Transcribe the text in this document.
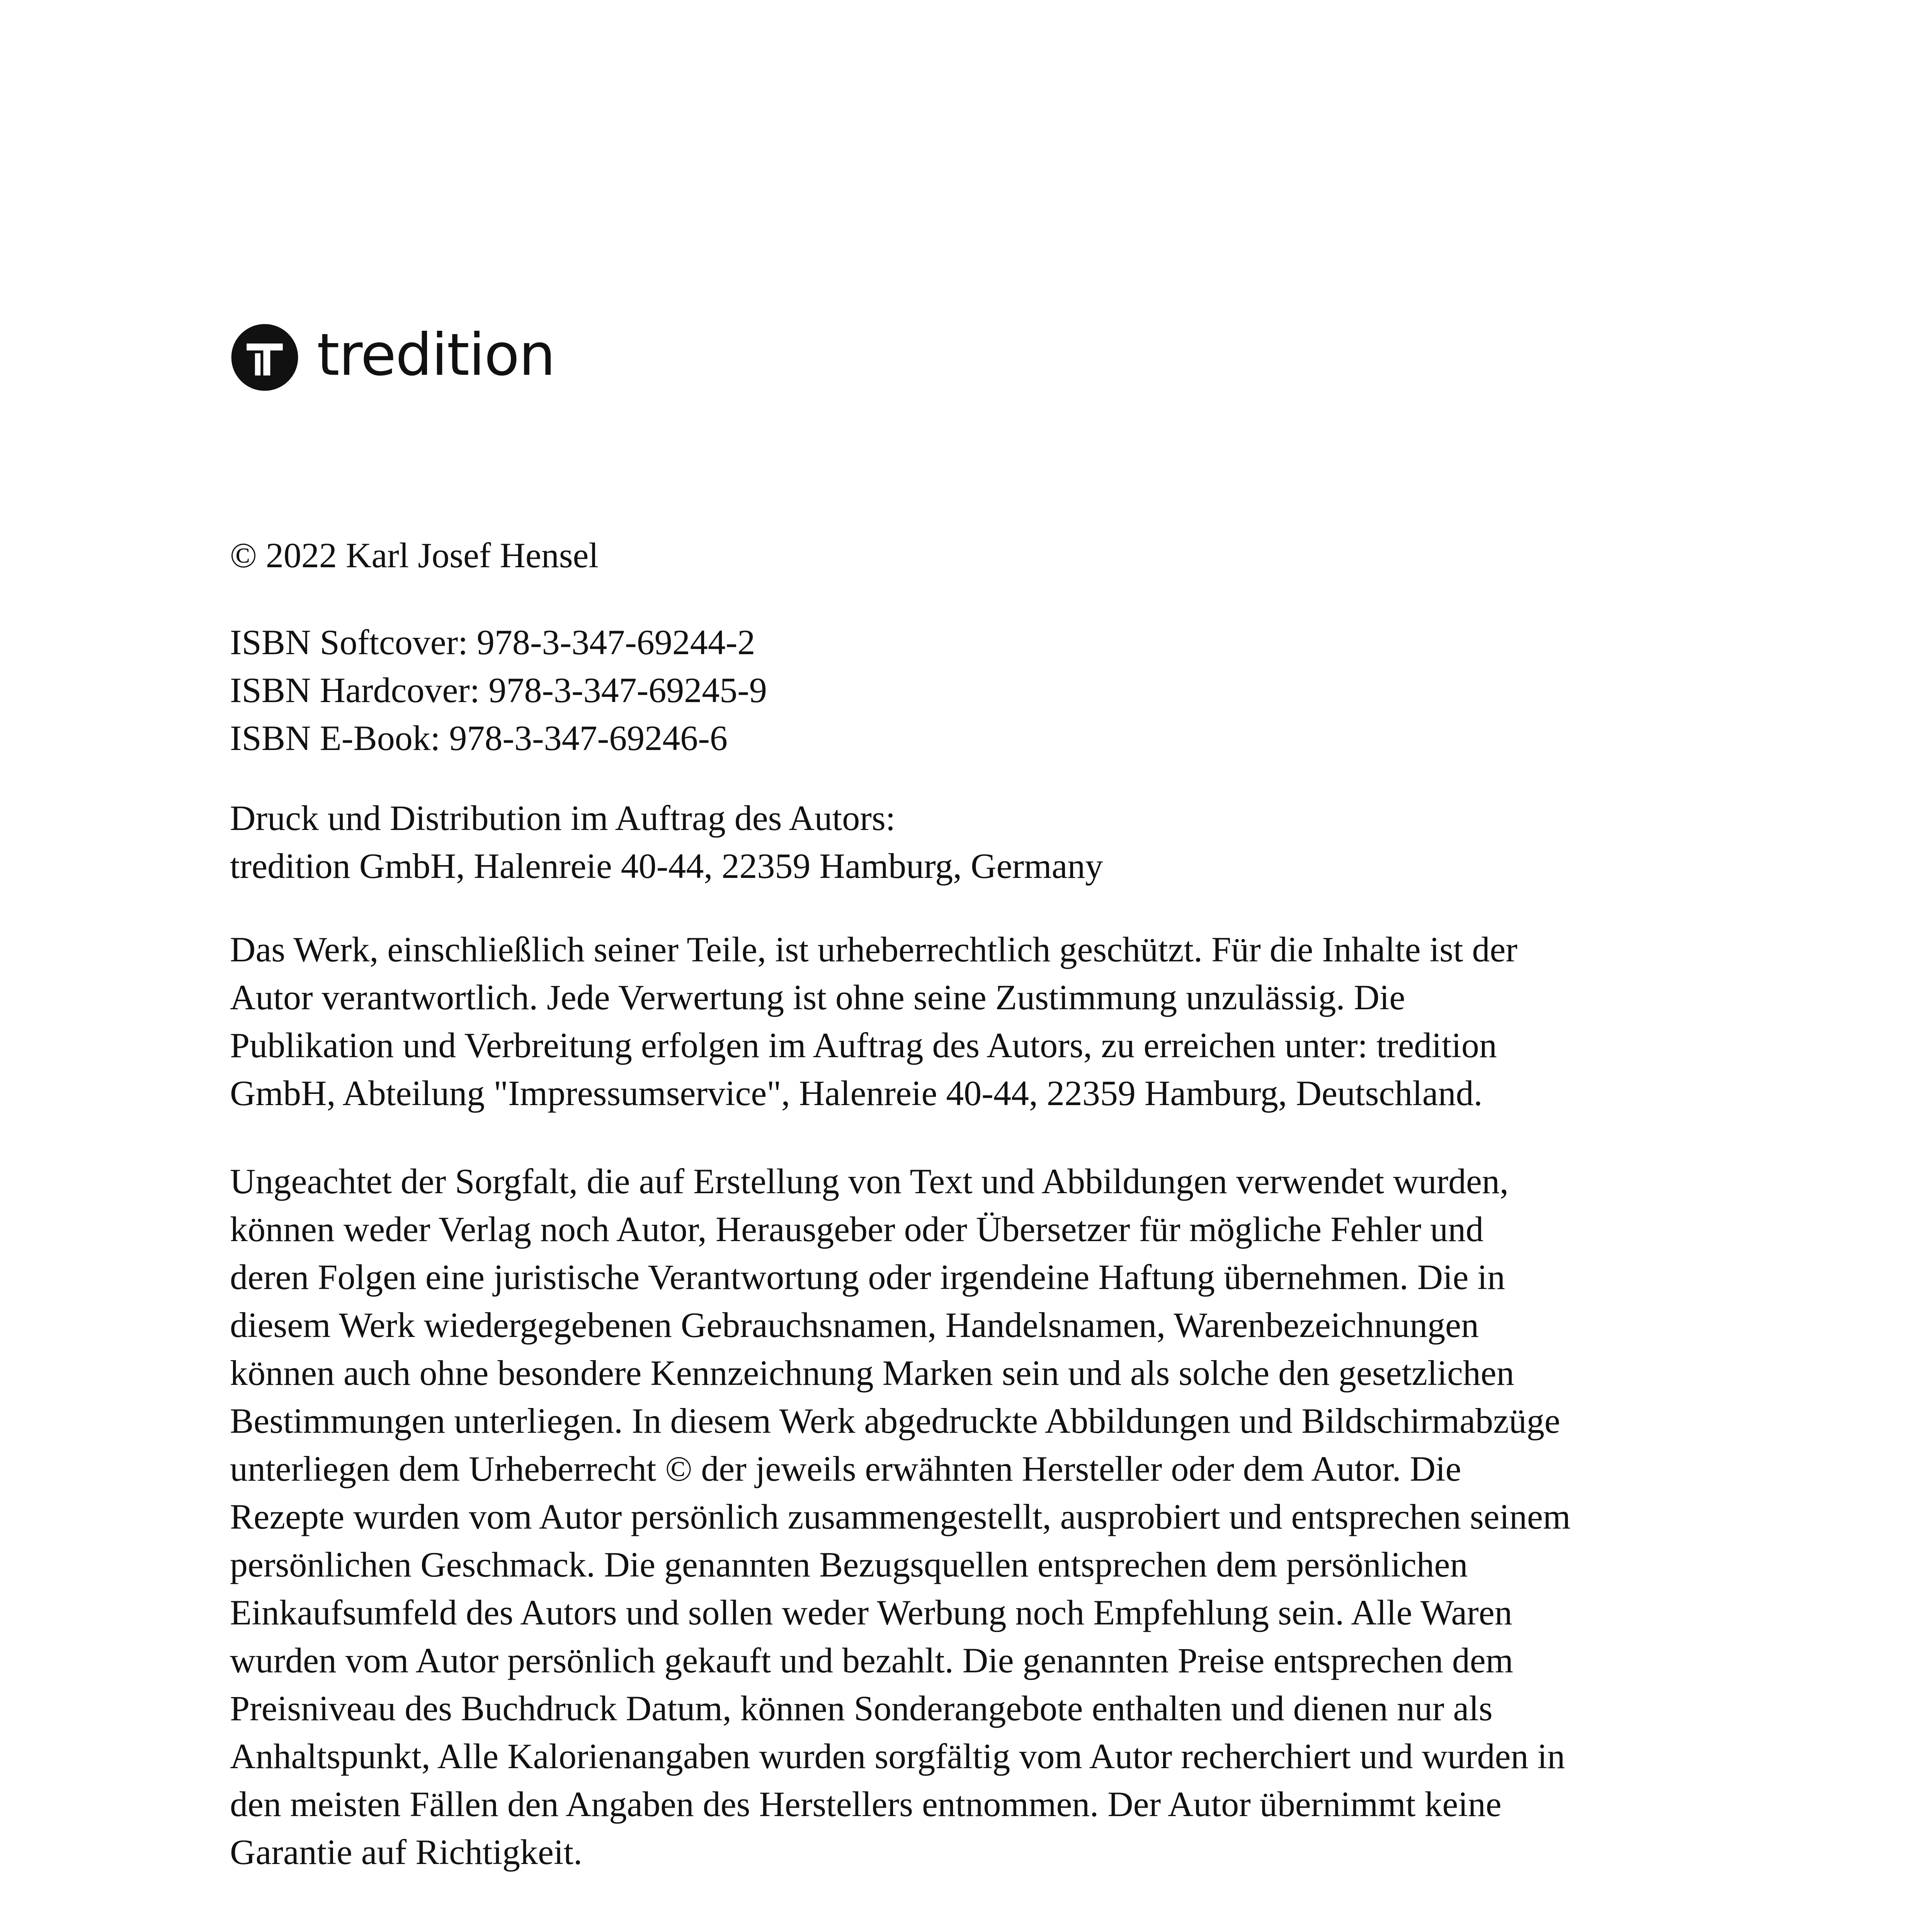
tredition

© 2022 Karl Josef Hensel

ISBN Softcover: 978-3-347-69244-2
ISBN Hardcover: 978-3-347-69245-9
ISBN E-Book: 978-3-347-69246-6

Druck und Distribution im Auftrag des Autors:
tredition GmbH, Halenreie 40-44, 22359 Hamburg, Germany

Das Werk, einschließlich seiner Teile, ist urheberrechtlich geschützt. Für die Inhalte ist der
Autor verantwortlich. Jede Verwertung ist ohne seine Zustimmung unzulässig. Die
Publikation und Verbreitung erfolgen im Auftrag des Autors, zu erreichen unter: tredition
GmbH, Abteilung "Impressumservice", Halenreie 40-44, 22359 Hamburg, Deutschland.

Ungeachtet der Sorgfalt, die auf Erstellung von Text und Abbildungen verwendet wurden,
können weder Verlag noch Autor, Herausgeber oder Übersetzer für mögliche Fehler und
deren Folgen eine juristische Verantwortung oder irgendeine Haftung übernehmen. Die in
diesem Werk wiedergegebenen Gebrauchsnamen, Handelsnamen, Warenbezeichnungen
können auch ohne besondere Kennzeichnung Marken sein und als solche den gesetzlichen
Bestimmungen unterliegen. In diesem Werk abgedruckte Abbildungen und Bildschirmabzüge
unterliegen dem Urheberrecht © der jeweils erwähnten Hersteller oder dem Autor. Die
Rezepte wurden vom Autor persönlich zusammengestellt, ausprobiert und entsprechen seinem
persönlichen Geschmack. Die genannten Bezugsquellen entsprechen dem persönlichen
Einkaufsumfeld des Autors und sollen weder Werbung noch Empfehlung sein. Alle Waren
wurden vom Autor persönlich gekauft und bezahlt. Die genannten Preise entsprechen dem
Preisniveau des Buchdruck Datum, können Sonderangebote enthalten und dienen nur als
Anhaltspunkt, Alle Kalorienangaben wurden sorgfältig vom Autor recherchiert und wurden in
den meisten Fällen den Angaben des Herstellers entnommen. Der Autor übernimmt keine
Garantie auf Richtigkeit.
